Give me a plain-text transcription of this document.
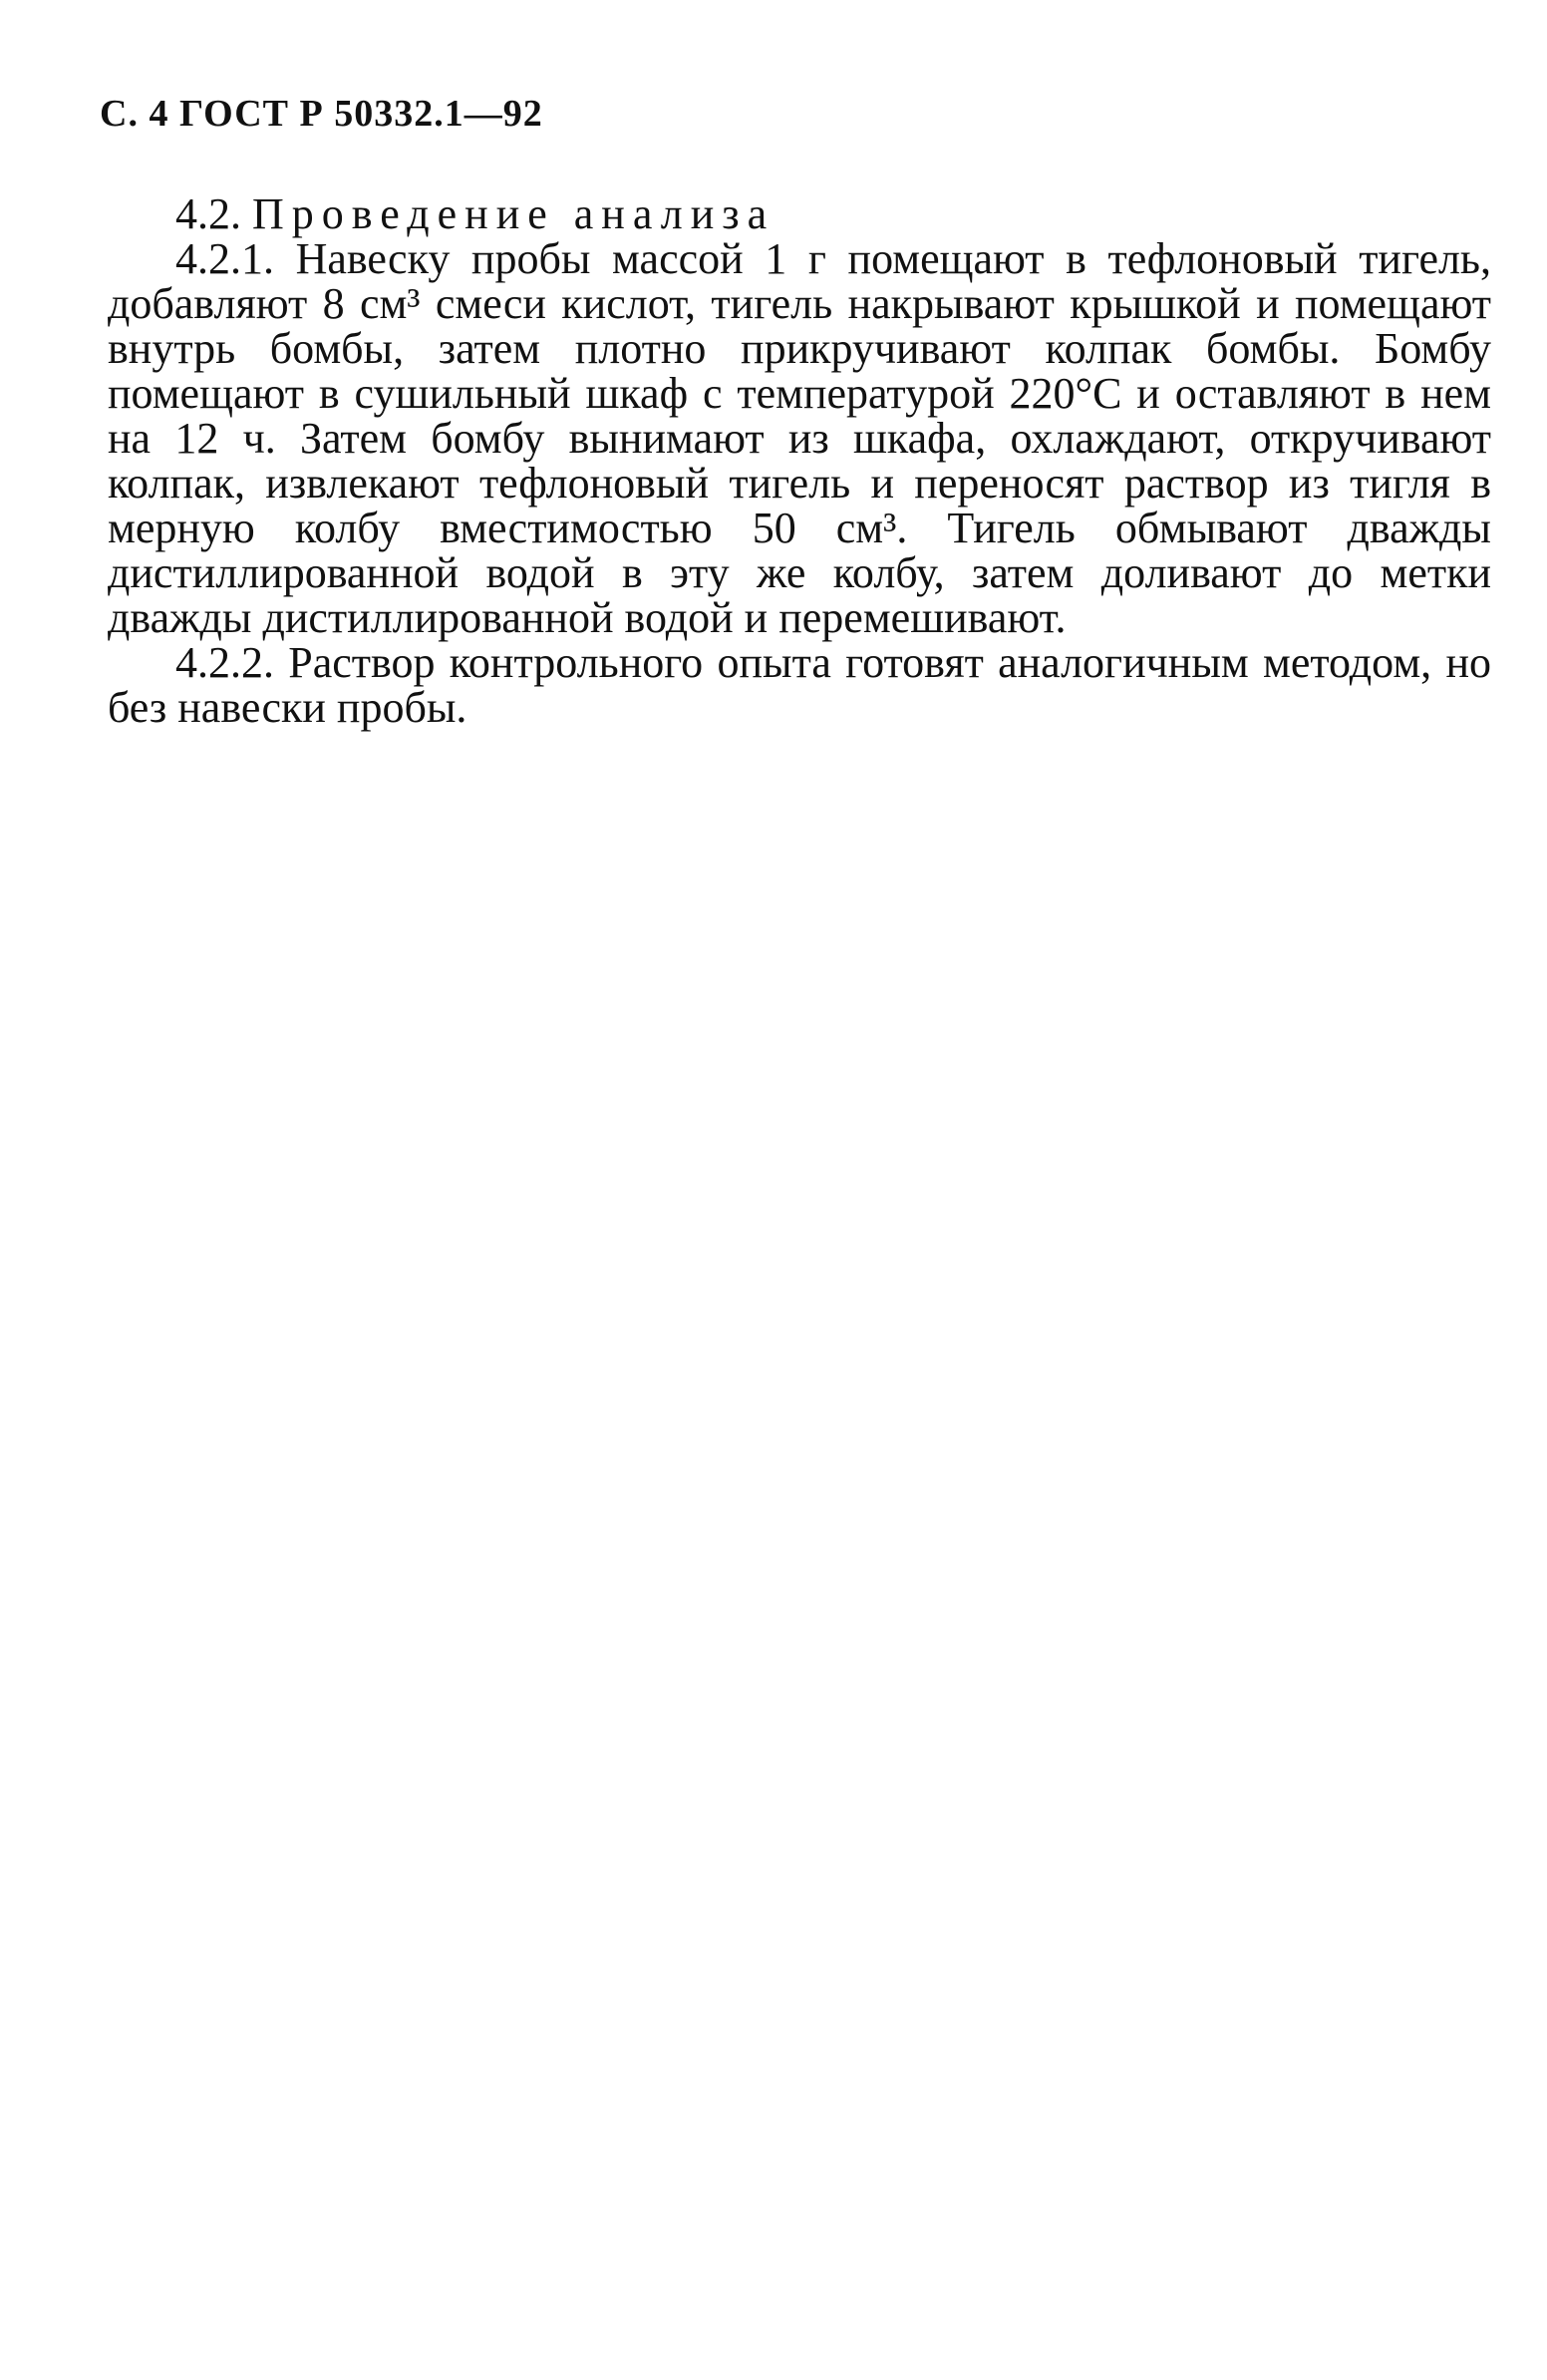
С. 4 ГОСТ Р 50332.1—92
4.2. Проведение анализа

4.2.1. Навеску пробы массой 1 г помещают в тефлоновый тигель, добавляют 8 см³ смеси кислот, тигель накрывают крышкой и помещают внутрь бомбы, затем плотно прикручивают колпак бомбы. Бомбу помещают в сушильный шкаф с температурой 220°С и оставляют в нем на 12 ч. Затем бомбу вынимают из шкафа, охлаждают, откручивают колпак, извлекают тефлоновый тигель и переносят раствор из тигля в мерную колбу вместимостью 50 см³. Тигель обмывают дважды дистиллированной водой в эту же колбу, затем доливают до метки дважды дистиллированной водой и перемешивают.

4.2.2. Раствор контрольного опыта готовят аналогичным методом, но без навески пробы.
